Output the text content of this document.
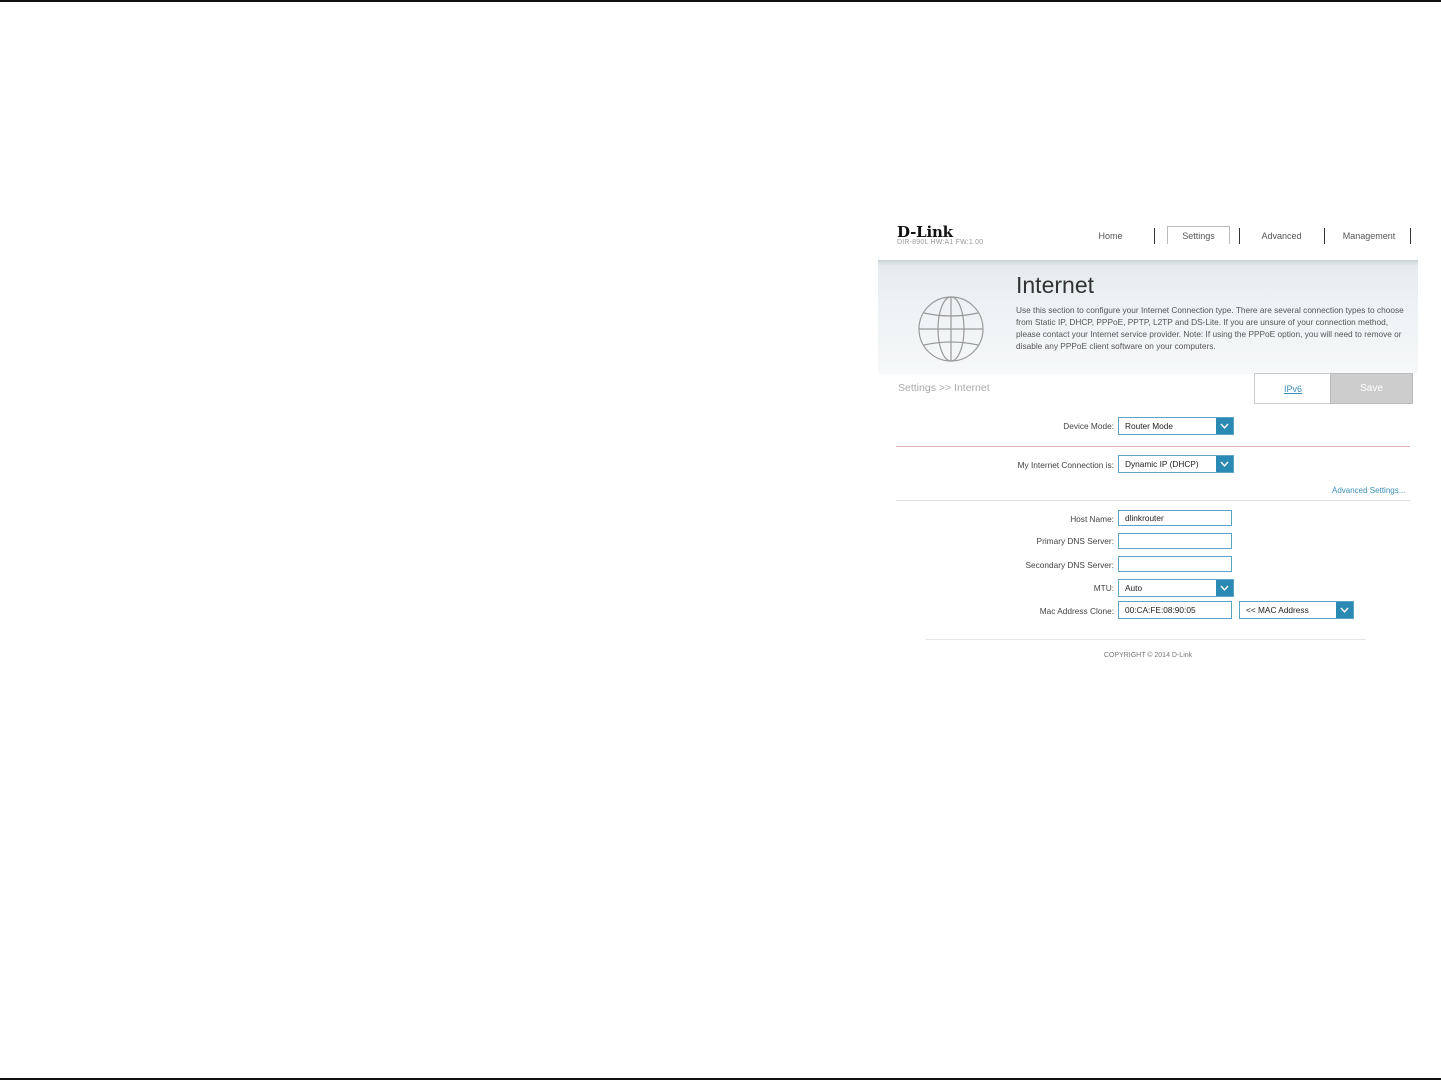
D-Link
DIR-890L HW:A1 FW:1.00
Home	Settings	Advanced	Management
Internet
Use this section to configure your Internet Connection type. There are several connection types to choose from Static IP, DHCP, PPPoE, PPTP, L2TP and DS-Lite. If you are unsure of your connection method, please contact your Internet service provider. Note: If using the PPPoE option, you will need to remove or disable any PPPoE client software on your computers.
Settings >> Internet	IPv6	Save
Device Mode: Router Mode
My Internet Connection is: Dynamic IP (DHCP)
Advanced Settings...
Host Name:	dlinkrouter
Primary DNS Server:
Secondary DNS Server:
MTU: Auto
Mac Address Clone:	00:CA:FE:08:90:05	<< MAC Address
COPYRIGHT © 2014 D-Link
